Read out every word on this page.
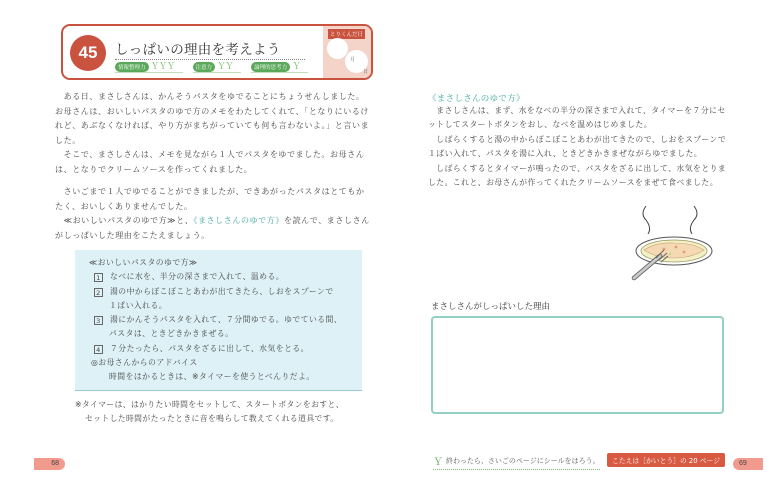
45	しっぱいの理由を考えよう
情報整理力 ＹＹＹ	注意力 ＹＹ	論理的思考力 Ｙ
とりくんだ日
月
日

　ある日、まさしさんは、かんそうパスタをゆでることにちょうせんしました。お母さんは、おいしいパスタのゆで方のメモをわたしてくれて、「となりにいるけれど、あぶなくなければ、やり方がまちがっていても何も言わないよ。」と言いました。

　そこで、まさしさんは、メモを見ながら１人でパスタをゆでました。お母さんは、となりでクリームソースを作ってくれました。

　さいごまで１人でゆでることができましたが、できあがったパスタはとてもかたく、おいしくありませんでした。

　≪おいしいパスタのゆで方≫と、《まさしさんのゆで方》を読んで、まさしさんがしっぱいした理由をこたえましょう。

≪おいしいパスタのゆで方≫
1 なべに水を、半分の深さまで入れて、温める。
2 湯の中からぼこぼことあわが出てきたら、しおをスプーンで
１ぱい入れる。
3 湯にかんそうパスタを入れて、７分間ゆでる。ゆでている間、
パスタは、ときどきかきまぜる。
4 ７分たったら、パスタをざるに出して、水気をとる。
◎お母さんからのアドバイス
時間をはかるときは、※タイマーを使うとべんりだよ。
※タイマーは、はかりたい時間をセットして、スタートボタンをおすと、
セットした時間がたったときに音を鳴らして教えてくれる道具です。
68
《まさしさんのゆで方》

　まさしさんは、まず、水をなべの半分の深さまで入れて、タイマーを７分にセットしてスタートボタンをおし、なべを温めはじめました。

　しばらくすると湯の中からぼこぼことあわが出てきたので、しおをスプーンで１ぱい入れて、パスタを湯に入れ、ときどきかきまぜながらゆでました。

　しばらくするとタイマーが鳴ったので、パスタをざるに出して、水気をとりました。これと、お母さんが作ってくれたクリームソースをまぜて食べました。

まさしさんがしっぱいした理由
Ｙ 終わったら、さいごのページにシールをはろう。	こたえは［かいとう］の 20 ページ	69
